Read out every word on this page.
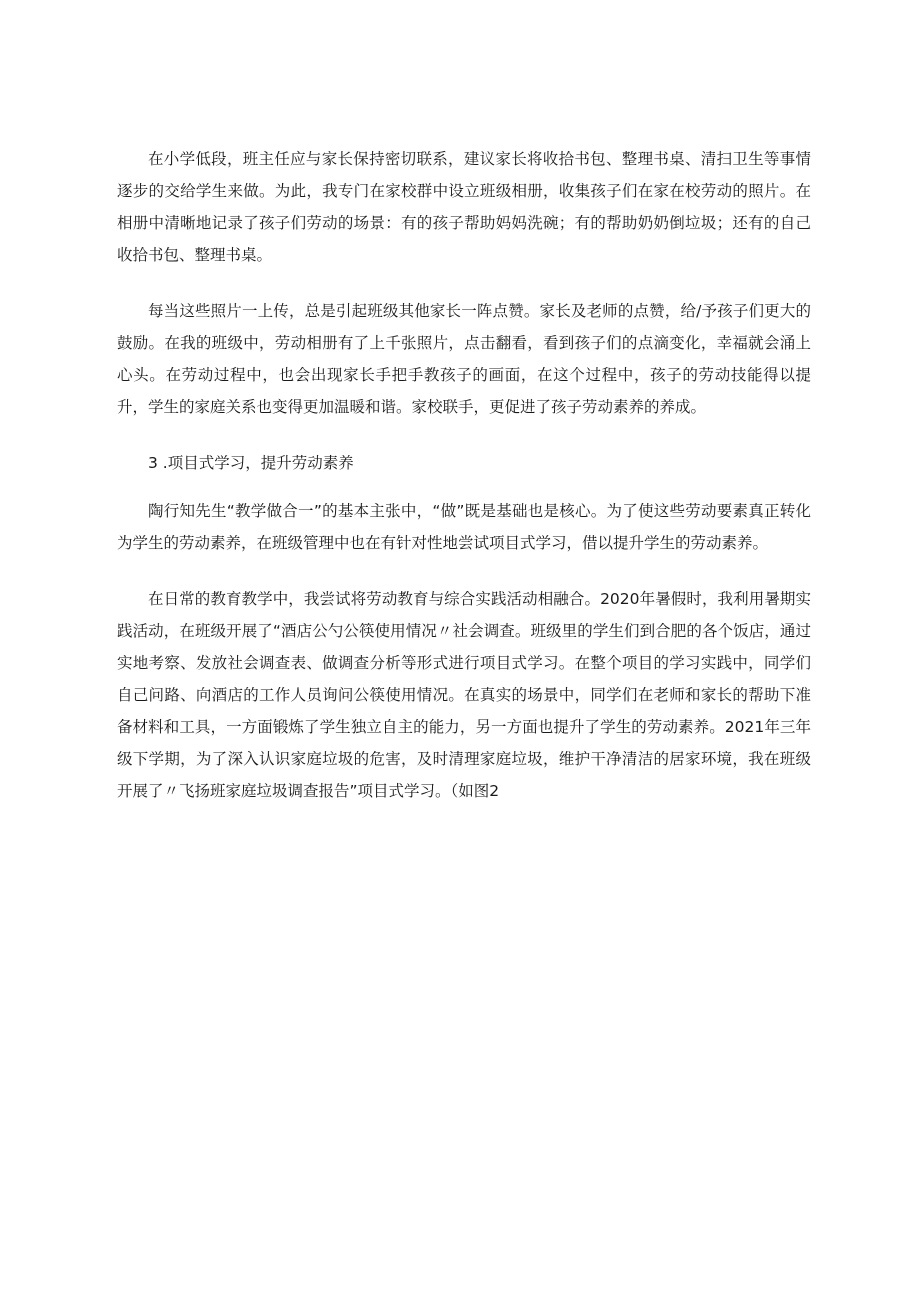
在小学低段，班主任应与家长保持密切联系，建议家长将收拾书包、整理书桌、清扫卫生等事情逐步的交给学生来做。为此，我专门在家校群中设立班级相册，收集孩子们在家在校劳动的照片。在相册中清晰地记录了孩子们劳动的场景：有的孩子帮助妈妈洗碗；有的帮助奶奶倒垃圾；还有的自己收拾书包、整理书桌。

每当这些照片一上传，总是引起班级其他家长一阵点赞。家长及老师的点赞，给/予孩子们更大的鼓励。在我的班级中，劳动相册有了上千张照片，点击翻看，看到孩子们的点滴变化，幸福就会涌上心头。在劳动过程中，也会出现家长手把手教孩子的画面，在这个过程中，孩子的劳动技能得以提升，学生的家庭关系也变得更加温暖和谐。家校联手，更促进了孩子劳动素养的养成。

3 .项目式学习，提升劳动素养

陶行知先生“教学做合一”的基本主张中，“做”既是基础也是核心。为了使这些劳动要素真正转化为学生的劳动素养，在班级管理中也在有针对性地尝试项目式学习，借以提升学生的劳动素养。

在日常的教育教学中，我尝试将劳动教育与综合实践活动相融合。2020年暑假时，我利用暑期实践活动，在班级开展了“酒店公勺公筷使用情况〃社会调查。班级里的学生们到合肥的各个饭店，通过实地考察、发放社会调查表、做调查分析等形式进行项目式学习。在整个项目的学习实践中，同学们自己问路、向酒店的工作人员询问公筷使用情况。在真实的场景中，同学们在老师和家长的帮助下准备材料和工具，一方面锻炼了学生独立自主的能力，另一方面也提升了学生的劳动素养。2021年三年级下学期，为了深入认识家庭垃圾的危害，及时清理家庭垃圾，维护干净清洁的居家环境，我在班级开展了〃飞扬班家庭垃圾调查报告”项目式学习。（如图2
